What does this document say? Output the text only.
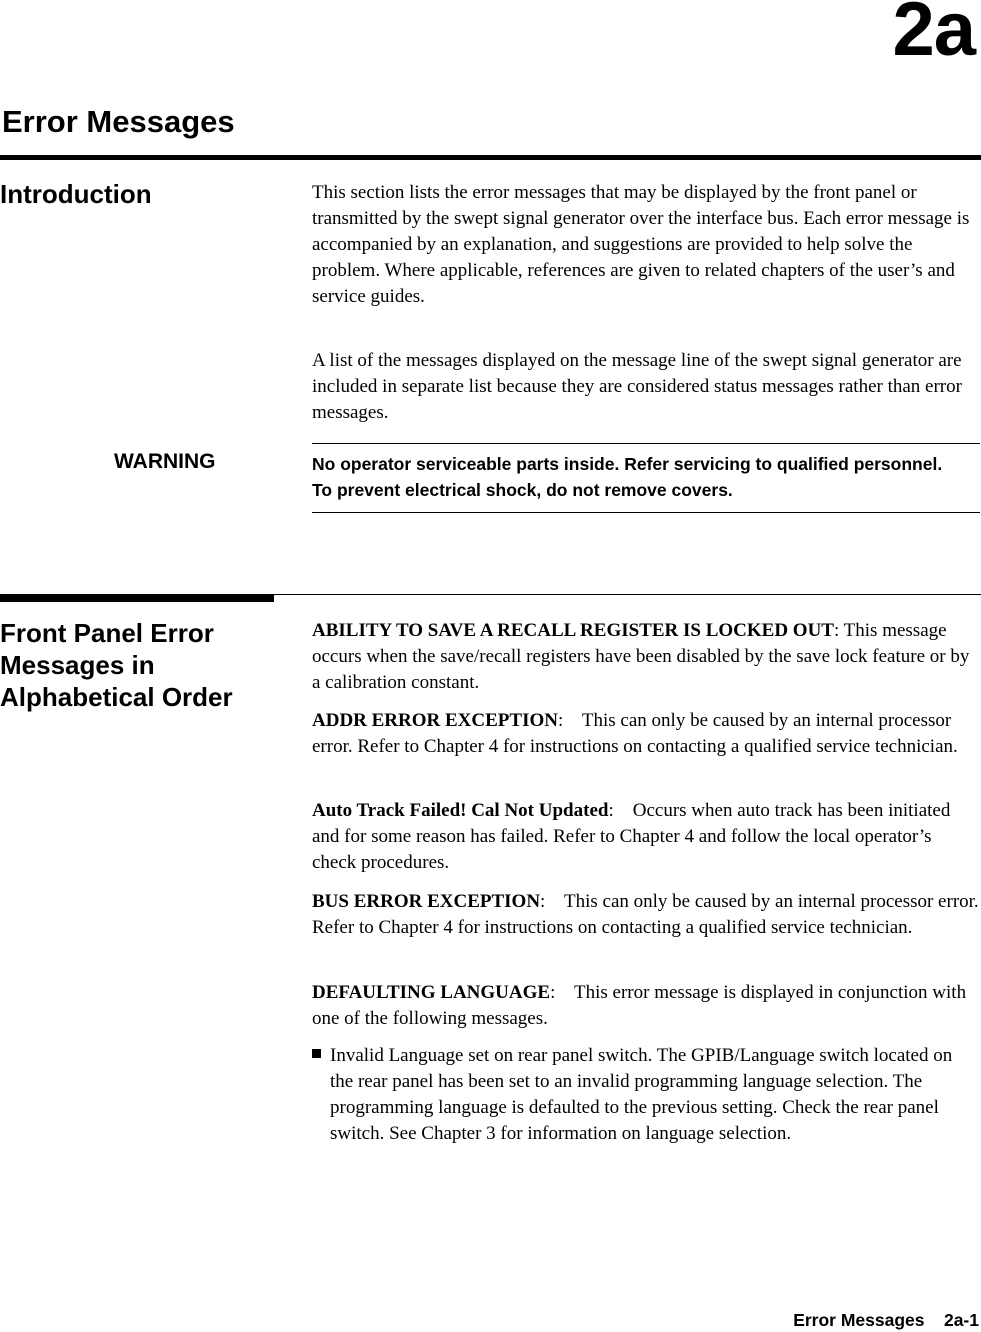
2a
Error Messages
Introduction	This section lists the error messages that may be displayed by the front panel or transmitted by the swept signal generator over the interface bus. Each error message is accompanied by an explanation, and suggestions are provided to help solve the problem. Where applicable, references are given to related chapters of the user’s and service guides.

A list of the messages displayed on the message line of the swept signal generator are included in separate list because they are considered status messages rather than error messages.

WARNING	No operator serviceable parts inside. Refer servicing to qualified personnel. To prevent electrical shock, do not remove covers.
Front Panel Error
Messages in
Alphabetical Order

ABILITY TO SAVE A RECALL REGISTER IS LOCKED OUT: This message occurs when the save/recall registers have been disabled by the save lock feature or by a calibration constant.

ADDR ERROR EXCEPTION:    This can only be caused by an internal processor error. Refer to Chapter 4 for instructions on contacting a qualified service technician.

Auto Track Failed! Cal Not Updated:    Occurs when auto track has been initiated and for some reason has failed. Refer to Chapter 4 and follow the local operator’s check procedures.

BUS ERROR EXCEPTION:    This can only be caused by an internal processor error. Refer to Chapter 4 for instructions on contacting a qualified service technician.

DEFAULTING LANGUAGE:    This error message is displayed in conjunction with one of the following messages.

Invalid Language set on rear panel switch. The GPIB/Language switch located on the rear panel has been set to an invalid programming language selection. The programming language is defaulted to the previous setting. Check the rear panel switch. See Chapter 3 for information on language selection.
Error Messages 2a-1
